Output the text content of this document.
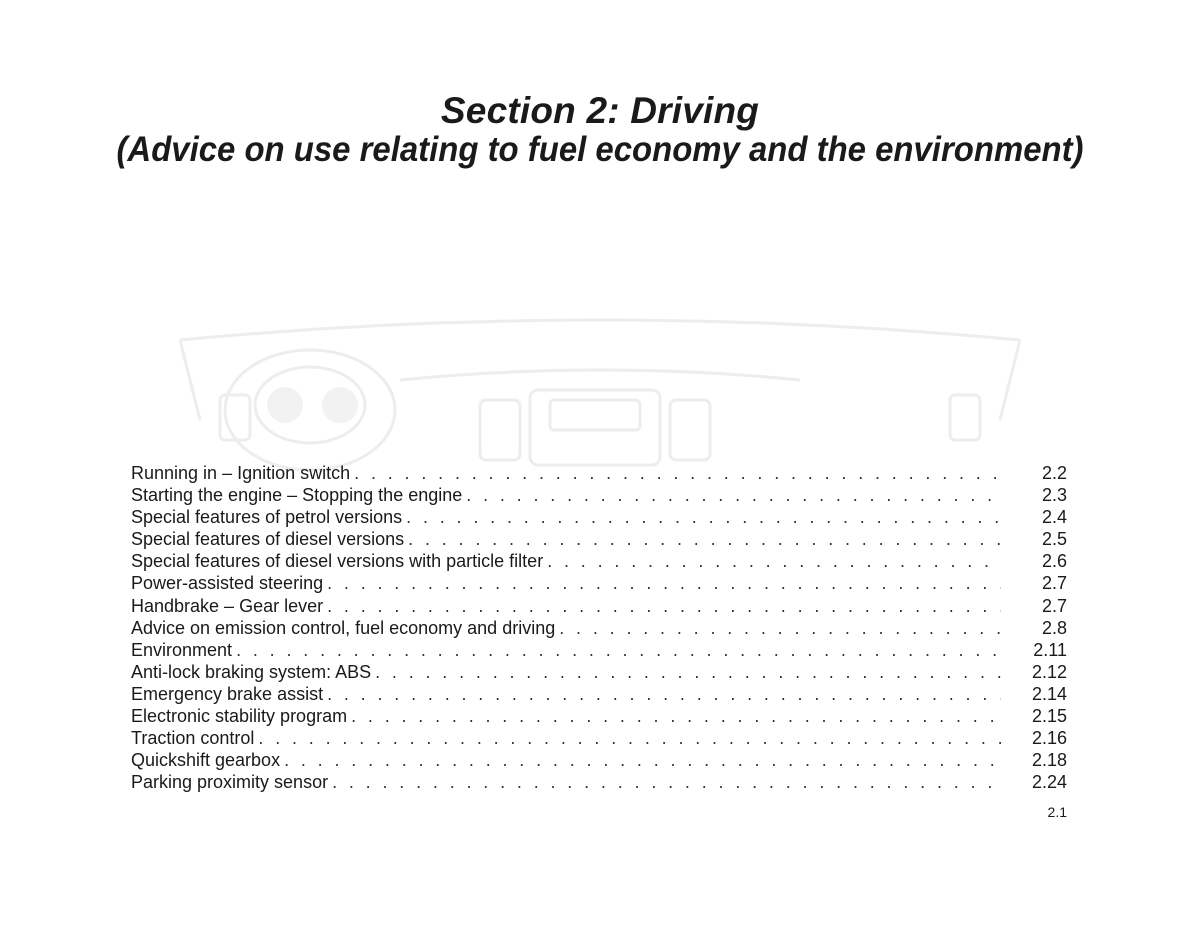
Section 2: Driving
(Advice on use relating to fuel economy and the environment)
Running in – Ignition switch . . .	2.2
Starting the engine – Stopping the engine . . .	2.3
Special features of petrol versions . . .	2.4
Special features of diesel versions . . .	2.5
Special features of diesel versions with particle filter . . .	2.6
Power-assisted steering . . .	2.7
Handbrake – Gear lever . . .	2.7
Advice on emission control, fuel economy and driving . . .	2.8
Environment . . .	2.11
Anti-lock braking system: ABS . . .	2.12
Emergency brake assist . . .	2.14
Electronic stability program . . .	2.15
Traction control . . .	2.16
Quickshift gearbox . . .	2.18
Parking proximity sensor . . .	2.24
2.1
